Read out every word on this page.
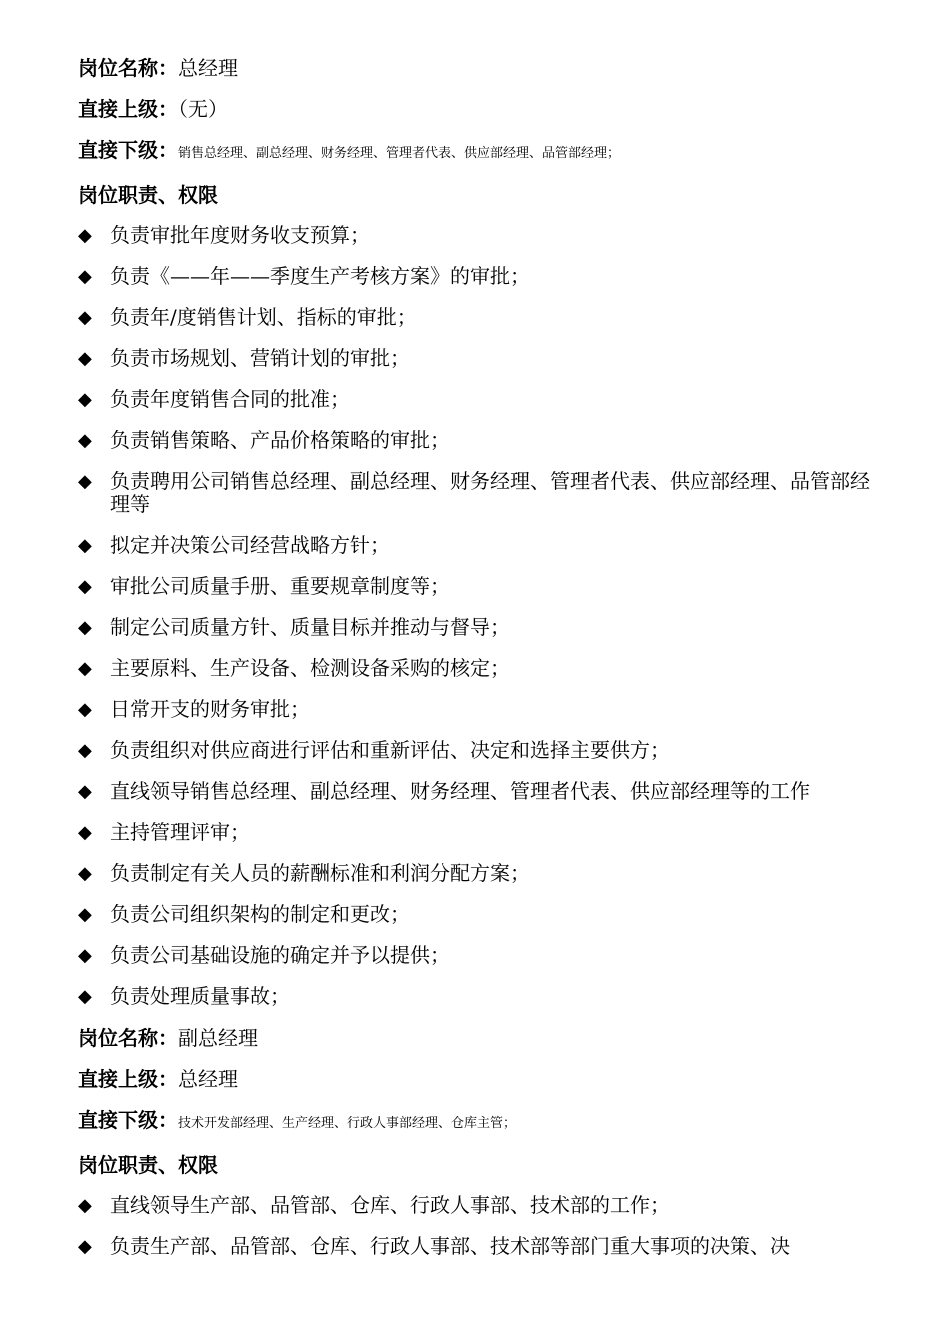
岗位名称：总经理
直接上级：（无）
直接下级：销售总经理、副总经理、财务经理、管理者代表、供应部经理、品管部经理；
岗位职责、权限
◆ 负责审批年度财务收支预算；
◆ 负责《——年——季度生产考核方案》的审批；
◆ 负责年/度销售计划、指标的审批；
◆ 负责市场规划、营销计划的审批；
◆ 负责年度销售合同的批准；
◆ 负责销售策略、产品价格策略的审批；
◆ 负责聘用公司销售总经理、副总经理、财务经理、管理者代表、供应部经理、品管部经理等
◆ 拟定并决策公司经营战略方针；
◆ 审批公司质量手册、重要规章制度等；
◆ 制定公司质量方针、质量目标并推动与督导；
◆ 主要原料、生产设备、检测设备采购的核定；
◆ 日常开支的财务审批；
◆ 负责组织对供应商进行评估和重新评估、决定和选择主要供方；
◆ 直线领导销售总经理、副总经理、财务经理、管理者代表、供应部经理等的工作
◆ 主持管理评审；
◆ 负责制定有关人员的薪酬标准和利润分配方案；
◆ 负责公司组织架构的制定和更改；
◆ 负责公司基础设施的确定并予以提供；
◆ 负责处理质量事故；
岗位名称：副总经理
直接上级：总经理
直接下级：技术开发部经理、生产经理、行政人事部经理、仓库主管；
岗位职责、权限
◆ 直线领导生产部、品管部、仓库、行政人事部、技术部的工作；
◆ 负责生产部、品管部、仓库、行政人事部、技术部等部门重大事项的决策、决
